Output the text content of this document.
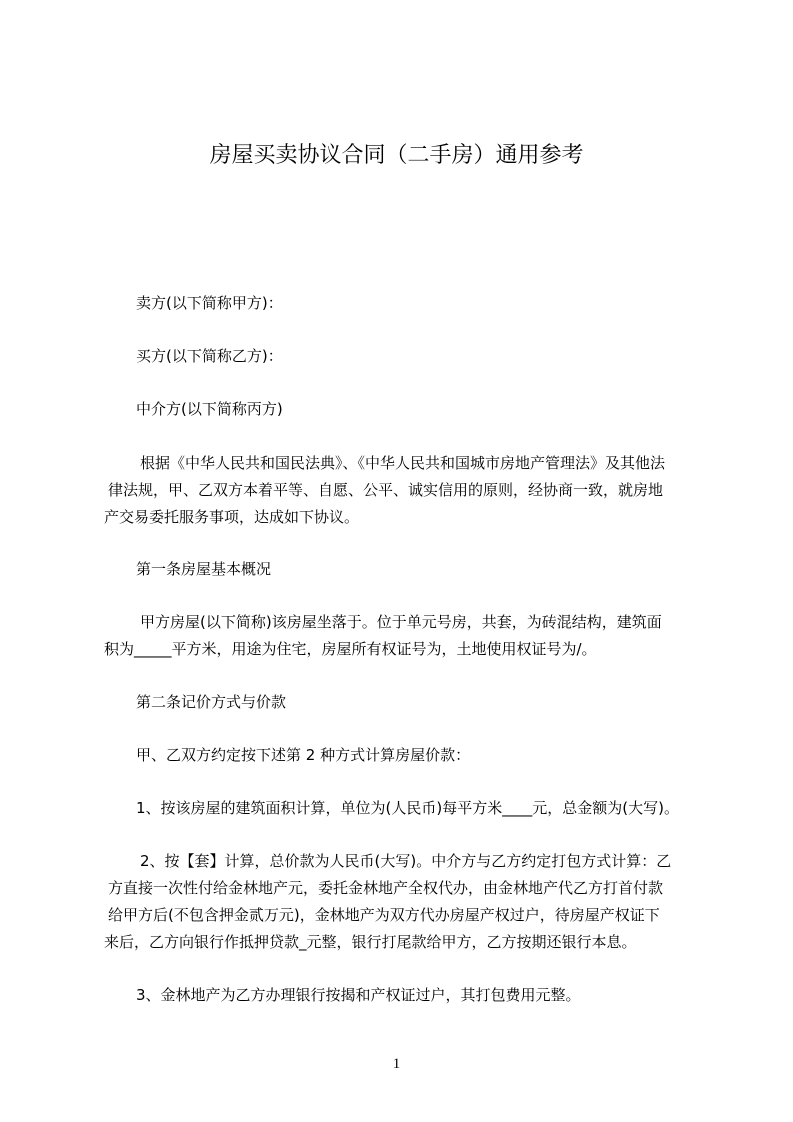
房屋买卖协议合同（二手房）通用参考
卖方(以下简称甲方)：
买方(以下简称乙方)：
中介方(以下简称丙方)
根据《中华人民共和国民法典》、《中华人民共和国城市房地产管理法》及其他法
律法规，甲、乙双方本着平等、自愿、公平、诚实信用的原则，经协商一致，就房地
产交易委托服务事项，达成如下协议。
第一条房屋基本概况
甲方房屋(以下简称)该房屋坐落于。位于单元号房，共套，为砖混结构，建筑面
积为_____平方米，用途为住宅，房屋所有权证号为，土地使用权证号为/。
第二条记价方式与价款
甲、乙双方约定按下述第 2 种方式计算房屋价款：
1、按该房屋的建筑面积计算，单位为(人民币)每平方米____元，总金额为(大写)。
2、按【套】计算，总价款为人民币(大写)。中介方与乙方约定打包方式计算：乙
方直接一次性付给金林地产元，委托金林地产全权代办，由金林地产代乙方打首付款
给甲方后(不包含押金贰万元)，金林地产为双方代办房屋产权过户，待房屋产权证下
来后，乙方向银行作抵押贷款_元整，银行打尾款给甲方，乙方按期还银行本息。
3、金林地产为乙方办理银行按揭和产权证过户，其打包费用元整。
1
